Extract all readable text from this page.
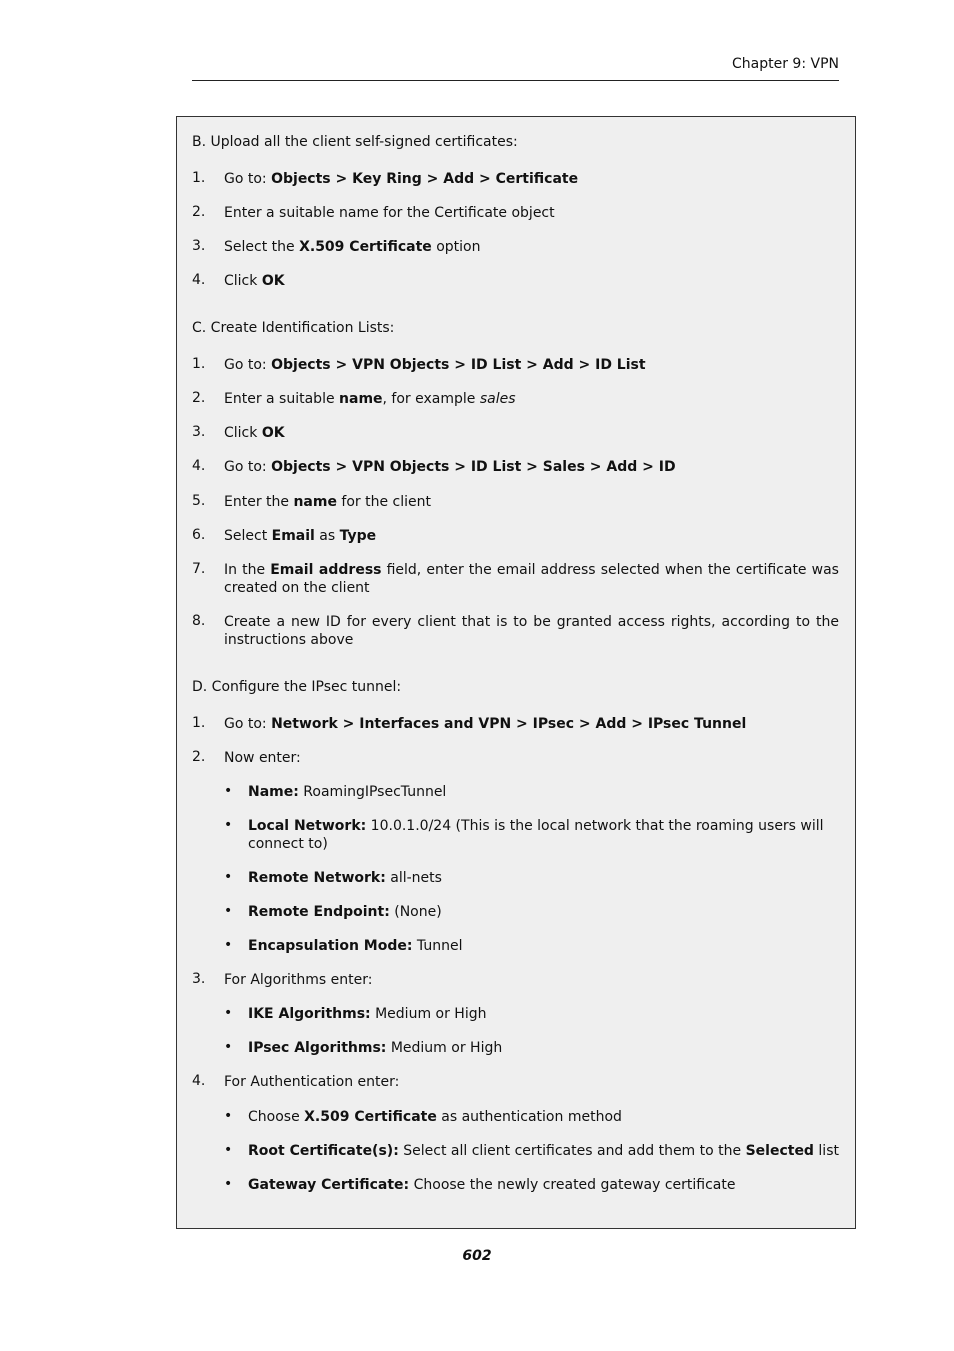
Chapter 9: VPN
B. Upload all the client self-signed certificates:
1. Go to: Objects > Key Ring > Add > Certificate
2. Enter a suitable name for the Certificate object
3. Select the X.509 Certificate option
4. Click OK
C. Create Identification Lists:
1. Go to: Objects > VPN Objects > ID List > Add > ID List
2. Enter a suitable name, for example sales
3. Click OK
4. Go to: Objects > VPN Objects > ID List > Sales > Add > ID
5. Enter the name for the client
6. Select Email as Type
7. In the Email address field, enter the email address selected when the certificate was created on the client
8. Create a new ID for every client that is to be granted access rights, according to the instructions above
D. Configure the IPsec tunnel:
1. Go to: Network > Interfaces and VPN > IPsec > Add > IPsec Tunnel
2. Now enter:
• Name: RoamingIPsecTunnel
• Local Network: 10.0.1.0/24 (This is the local network that the roaming users will connect to)
• Remote Network: all-nets
• Remote Endpoint: (None)
• Encapsulation Mode: Tunnel
3. For Algorithms enter:
• IKE Algorithms: Medium or High
• IPsec Algorithms: Medium or High
4. For Authentication enter:
• Choose X.509 Certificate as authentication method
• Root Certificate(s): Select all client certificates and add them to the Selected list
• Gateway Certificate: Choose the newly created gateway certificate
602
